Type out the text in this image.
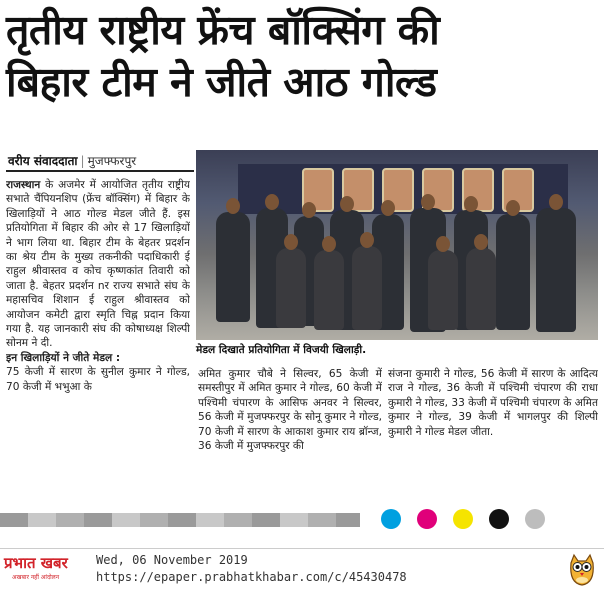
तृतीय राष्ट्रीय फ्रेंच बॉक्सिंग की
बिहार टीम ने जीते आठ गोल्ड
वरीय संवाददाता | मुजफ्फरपुर

राजस्थान के अजमेर में आयोजित तृतीय राष्ट्रीय सभाते चैंपियनशिप (फ्रेंच बॉक्सिंग) में बिहार के खिलाड़ियों ने आठ गोल्ड मेडल जीते हैं. इस प्रतियोगिता में बिहार की ओर से 17 खिलाड़ियों ने भाग लिया था. बिहार टीम के बेहतर प्रदर्शन का श्रेय टीम के मुख्य तकनीकी पदाधिकारी ई राहुल श्रीवास्तव व कोच कृष्णकांत तिवारी को जाता है. बेहतर प्रदर्शन nर राज्य सभाते संघ के महासचिव शिशान ई राहुल श्रीवास्तव को आयोजन कमेटी द्वारा स्मृति चिह्न प्रदान किया गया है. यह जानकारी संघ की कोषाध्यक्ष शिल्पी सोनम ने दी.

इन खिलाड़ियों ने जीते मेडल :

75 केजी में सारण के सुनील कुमार ने गोल्ड, 70 केजी में भभुआ के

मेडल दिखाते प्रतियोगिता में विजयी खिलाड़ी.

अमित कुमार चौबे ने सिल्वर, 65 केजी में समस्तीपुर में अमित कुमार ने गोल्ड, 60 केजी में पश्चिमी चंपारण के आसिफ अनवर ने सिल्वर, 56 केजी में मुजफ्फरपुर के सोनू कुमार ने गोल्ड, 70 केजी में सारण के आकाश कुमार राय ब्रॉन्ज, 36 केजी में मुजफ्फरपुर की

संजना कुमारी ने गोल्ड, 56 केजी में सारण के आदित्य राज ने गोल्ड, 36 केजी में पश्चिमी चंपारण की राधा कुमारी ने गोल्ड, 33 केजी में पश्चिमी चंपारण के अमित कुमार ने गोल्ड, 39 केजी में भागलपुर की शिल्पी कुमारी ने गोल्ड मेडल जीता.

प्रभात खबर
अखबार नहीं आंदोलन
Wed, 06 November 2019
https://epaper.prabhatkhabar.com/c/45430478
